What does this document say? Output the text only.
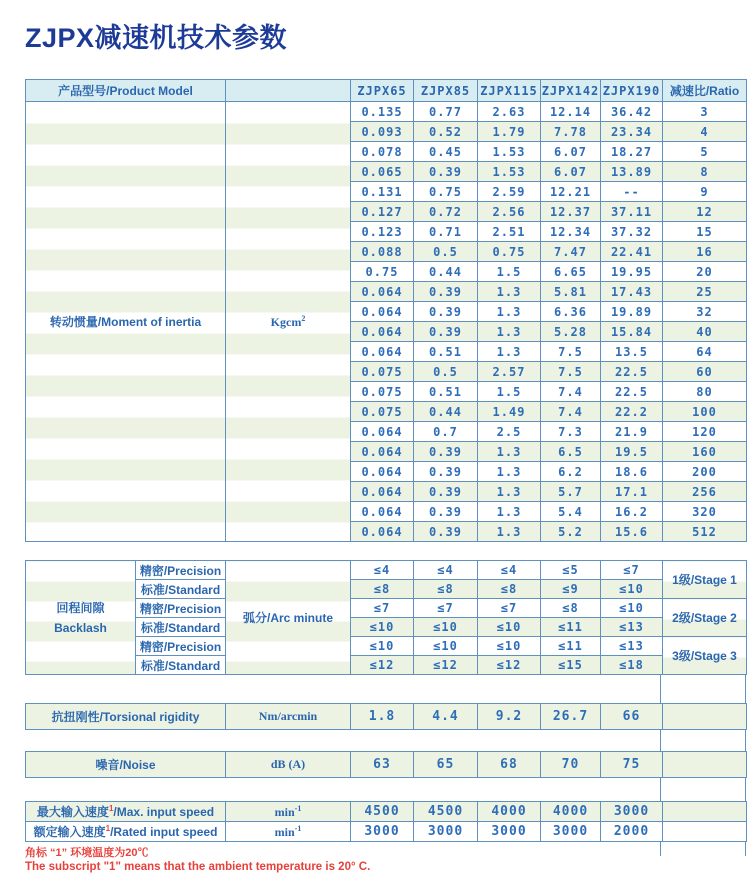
ZJPX减速机技术参数
产品型号/Product Model		ZJPX65	ZJPX85	ZJPX115	ZJPX142	ZJPX190	减速比/Ratio
转动惯量/Moment of inertia	Kgcm$^2$	0.135	0.77	2.63	12.14	36.42	3
		0.093	0.52	1.79	7.78	23.34	4
		0.078	0.45	1.53	6.07	18.27	5
		0.065	0.39	1.53	6.07	13.89	8
		0.131	0.75	2.59	12.21	--	9
		0.127	0.72	2.56	12.37	37.11	12
		0.123	0.71	2.51	12.34	37.32	15
		0.088	0.5	0.75	7.47	22.41	16
		0.75	0.44	1.5	6.65	19.95	20
		0.064	0.39	1.3	5.81	17.43	25
		0.064	0.39	1.3	6.36	19.89	32
		0.064	0.39	1.3	5.28	15.84	40
		0.064	0.51	1.3	7.5	13.5	64
		0.075	0.5	2.57	7.5	22.5	60
		0.075	0.51	1.5	7.4	22.5	80
		0.075	0.44	1.49	7.4	22.2	100
		0.064	0.7	2.5	7.3	21.9	120
		0.064	0.39	1.3	6.5	19.5	160
		0.064	0.39	1.3	6.2	18.6	200
		0.064	0.39	1.3	5.7	17.1	256
		0.064	0.39	1.3	5.4	16.2	320
		0.064	0.39	1.3	5.2	15.6	512
回程间隙
Backlash	精密/Precision	弧分/Arc minute	≤4	≤4	≤4	≤5	≤7	1级/Stage 1
	标准/Standard		≤8	≤8	≤8	≤9	≤10	
	精密/Precision		≤7	≤7	≤7	≤8	≤10	2级/Stage 2
	标准/Standard		≤10	≤10	≤10	≤11	≤13	
	精密/Precision		≤10	≤10	≤10	≤11	≤13	3级/Stage 3
	标准/Standard		≤12	≤12	≤12	≤15	≤18	
抗扭刚性/Torsional rigidity	Nm/arcmin	1.8	4.4	9.2	26.7	66	
噪音/Noise	dB (A)	63	65	68	70	75	
最大输入速度$^1$/Max. input speed	$\min^{-1}$	4500	4500	4000	4000	3000	
额定输入速度$^1$/Rated input speed	$\min^{-1}$	3000	3000	3000	3000	2000	
角标 “1” 环境温度为20℃
The subscript "1" means that the ambient temperature is 20° C.
